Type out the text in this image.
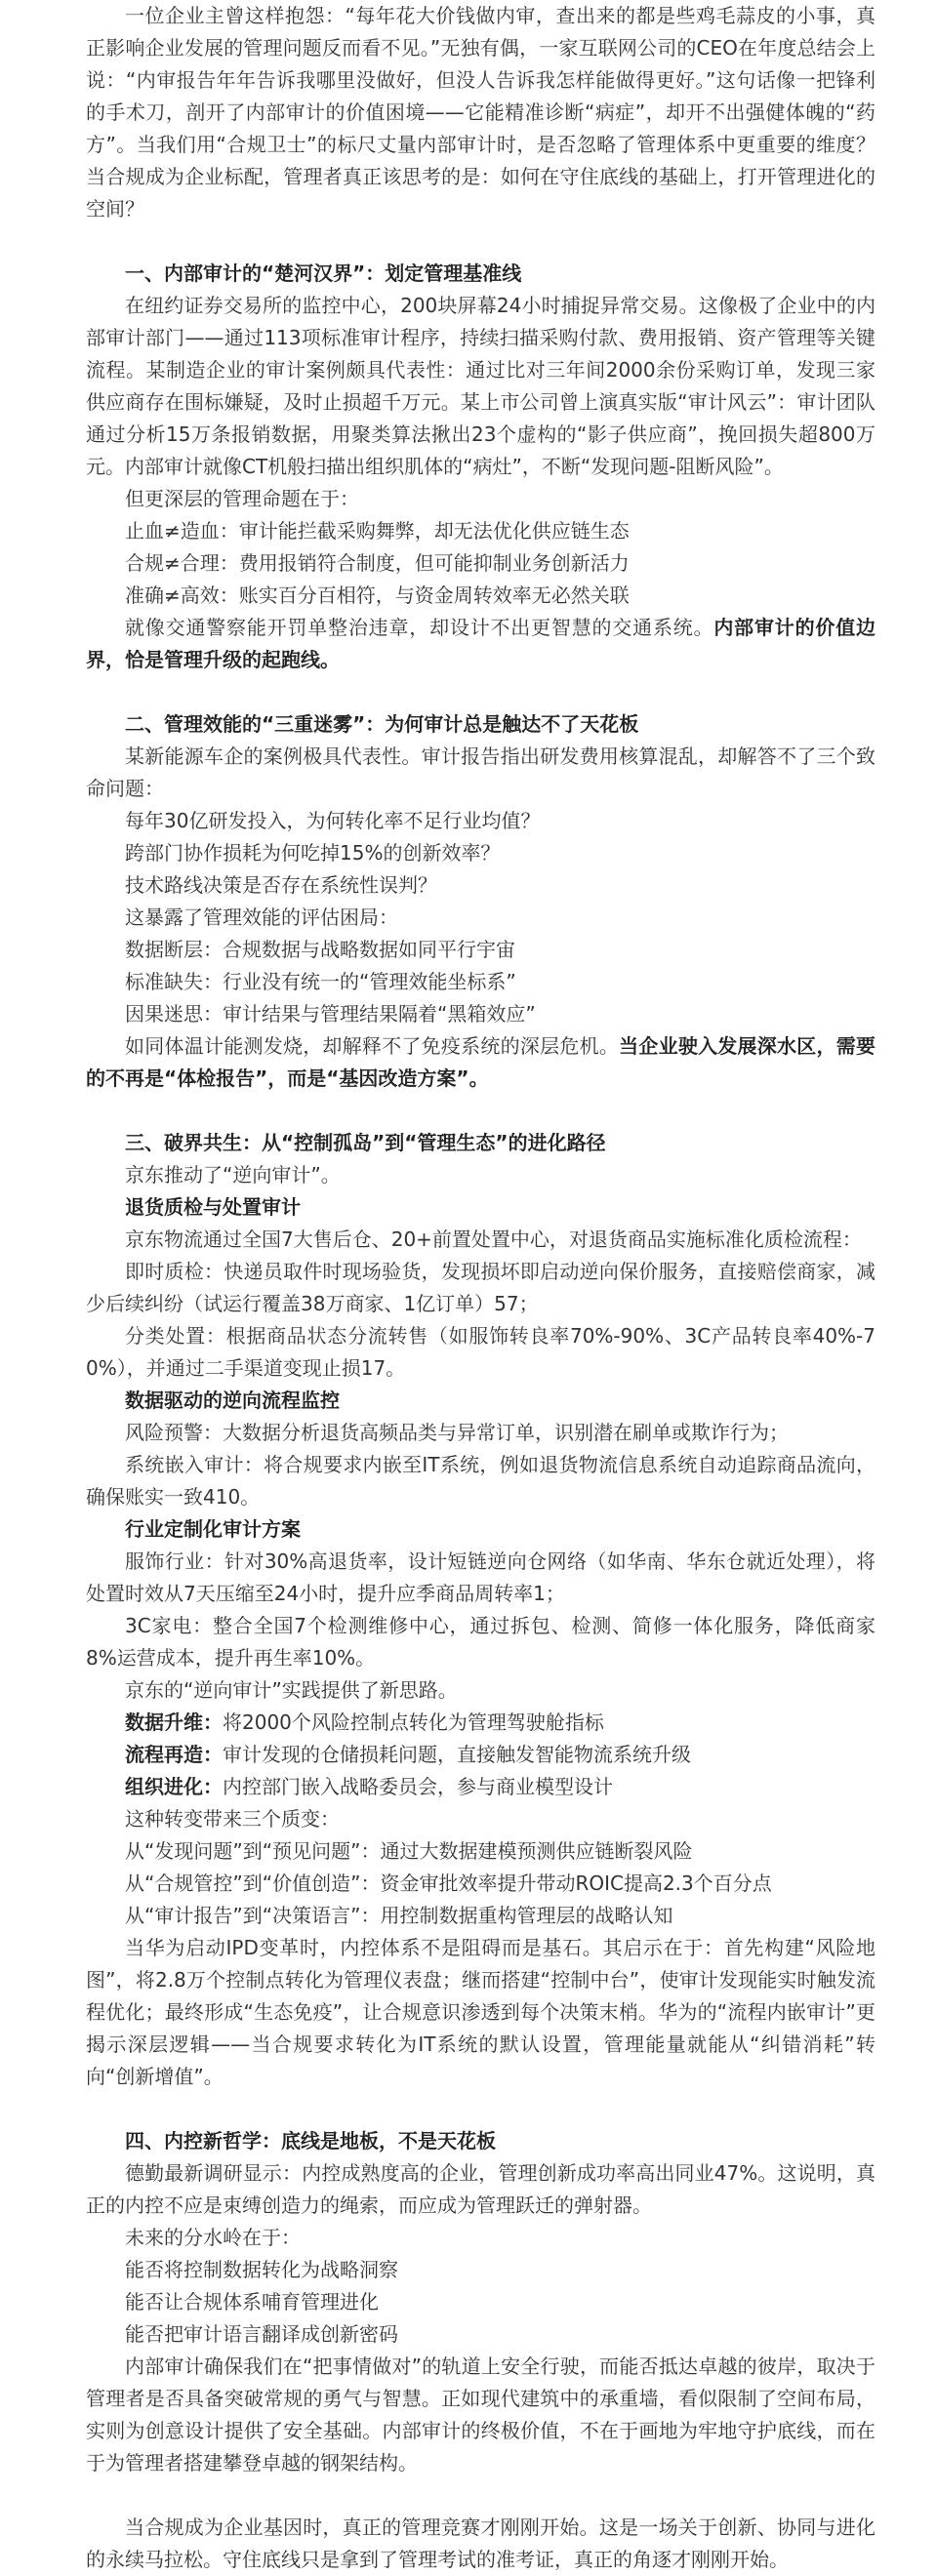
一位企业主曾这样抱怨：“每年花大价钱做内审，查出来的都是些鸡毛蒜皮的小事，真正影响企业发展的管理问题反而看不见。”无独有偶，一家互联网公司的CEO在年度总结会上说：“内审报告年年告诉我哪里没做好，但没人告诉我怎样能做得更好。”这句话像一把锋利的手术刀，剖开了内部审计的价值困境——它能精准诊断“病症”，却开不出强健体魄的“药方”。当我们用“合规卫士”的标尺丈量内部审计时，是否忽略了管理体系中更重要的维度？当合规成为企业标配，管理者真正该思考的是：如何在守住底线的基础上，打开管理进化的空间？

一、内部审计的“楚河汉界”：划定管理基准线

在纽约证券交易所的监控中心，200块屏幕24小时捕捉异常交易。这像极了企业中的内部审计部门——通过113项标准审计程序，持续扫描采购付款、费用报销、资产管理等关键流程。某制造企业的审计案例颇具代表性：通过比对三年间2000余份采购订单，发现三家供应商存在围标嫌疑，及时止损超千万元。某上市公司曾上演真实版“审计风云”：审计团队通过分析15万条报销数据，用聚类算法揪出23个虚构的“影子供应商”，挽回损失超800万元。内部审计就像CT机般扫描出组织肌体的“病灶”，不断“发现问题-阻断风险”。

但更深层的管理命题在于：

止血≠造血：审计能拦截采购舞弊，却无法优化供应链生态

合规≠合理：费用报销符合制度，但可能抑制业务创新活力

准确≠高效：账实百分百相符，与资金周转效率无必然关联

就像交通警察能开罚单整治违章，却设计不出更智慧的交通系统。内部审计的价值边界，恰是管理升级的起跑线。

二、管理效能的“三重迷雾”：为何审计总是触达不了天花板

某新能源车企的案例极具代表性。审计报告指出研发费用核算混乱，却解答不了三个致命问题：

每年30亿研发投入，为何转化率不足行业均值？

跨部门协作损耗为何吃掉15%的创新效率？

技术路线决策是否存在系统性误判？

这暴露了管理效能的评估困局：

数据断层：合规数据与战略数据如同平行宇宙

标准缺失：行业没有统一的“管理效能坐标系”

因果迷思：审计结果与管理结果隔着“黑箱效应”

如同体温计能测发烧，却解释不了免疫系统的深层危机。当企业驶入发展深水区，需要的不再是“体检报告”，而是“基因改造方案”。

三、破界共生：从“控制孤岛”到“管理生态”的进化路径

京东推动了“逆向审计”。

退货质检与处置审计

京东物流通过全国7大售后仓、20+前置处置中心，对退货商品实施标准化质检流程：

即时质检：快递员取件时现场验货，发现损坏即启动逆向保价服务，直接赔偿商家，减少后续纠纷（试运行覆盖38万商家、1亿订单）57；

分类处置：根据商品状态分流转售（如服饰转良率70%-90%、3C产品转良率40%-70%），并通过二手渠道变现止损17。

数据驱动的逆向流程监控

风险预警：大数据分析退货高频品类与异常订单，识别潜在刷单或欺诈行为；

系统嵌入审计：将合规要求内嵌至IT系统，例如退货物流信息系统自动追踪商品流向，确保账实一致410。

行业定制化审计方案

服饰行业：针对30%高退货率，设计短链逆向仓网络（如华南、华东仓就近处理），将处置时效从7天压缩至24小时，提升应季商品周转率1；

3C家电：整合全国7个检测维修中心，通过拆包、检测、简修一体化服务，降低商家8%运营成本，提升再生率10%。

京东的“逆向审计”实践提供了新思路。

数据升维：将2000个风险控制点转化为管理驾驶舱指标

流程再造：审计发现的仓储损耗问题，直接触发智能物流系统升级

组织进化：内控部门嵌入战略委员会，参与商业模型设计

这种转变带来三个质变：

从“发现问题”到“预见问题”：通过大数据建模预测供应链断裂风险

从“合规管控”到“价值创造”：资金审批效率提升带动ROIC提高2.3个百分点

从“审计报告”到“决策语言”：用控制数据重构管理层的战略认知

当华为启动IPD变革时，内控体系不是阻碍而是基石。其启示在于：首先构建“风险地图”，将2.8万个控制点转化为管理仪表盘；继而搭建“控制中台”，使审计发现能实时触发流程优化；最终形成“生态免疫”，让合规意识渗透到每个决策末梢。华为的“流程内嵌审计”更揭示深层逻辑——当合规要求转化为IT系统的默认设置，管理能量就能从“纠错消耗”转向“创新增值”。

四、内控新哲学：底线是地板，不是天花板

德勤最新调研显示：内控成熟度高的企业，管理创新成功率高出同业47%。这说明，真正的内控不应是束缚创造力的绳索，而应成为管理跃迁的弹射器。

未来的分水岭在于：

能否将控制数据转化为战略洞察

能否让合规体系哺育管理进化

能否把审计语言翻译成创新密码

内部审计确保我们在“把事情做对”的轨道上安全行驶，而能否抵达卓越的彼岸，取决于管理者是否具备突破常规的勇气与智慧。正如现代建筑中的承重墙，看似限制了空间布局，实则为创意设计提供了安全基础。内部审计的终极价值，不在于画地为牢地守护底线，而在于为管理者搭建攀登卓越的钢架结构。

当合规成为企业基因时，真正的管理竞赛才刚刚开始。这是一场关于创新、协同与进化的永续马拉松。守住底线只是拿到了管理考试的准考证，真正的角逐才刚刚开始。
